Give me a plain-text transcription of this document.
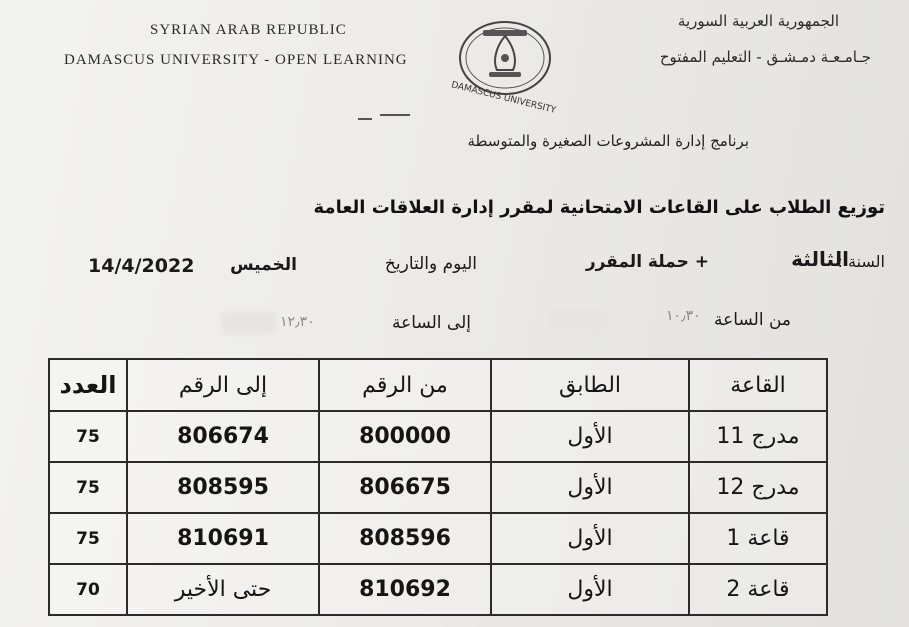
SYRIAN ARAB REPUBLIC
DAMASCUS UNIVERSITY - OPEN LEARNING
الجمهورية العربية السورية
جـامـعـة دمـشـق - التعليم المفتوح
DAMASCUS UNIVERSITY
برنامج إدارة المشروعات الصغيرة والمتوسطة
توزيع الطلاب على القاعات الامتحانية لمقرر إدارة العلاقات العامة
السنة :
الثالثة
+ حملة المقرر
اليوم والتاريخ
الخميس
14/4/2022
من الساعة
١٠٫٣٠
إلى الساعة
١٢٫٣٠
القاعة	الطابق	من الرقم	إلى الرقم	العدد
مدرج 11	الأول	800000	806674	75
مدرج 12	الأول	806675	808595	75
قاعة 1	الأول	808596	810691	75
قاعة 2	الأول	810692	حتى الأخير	70
